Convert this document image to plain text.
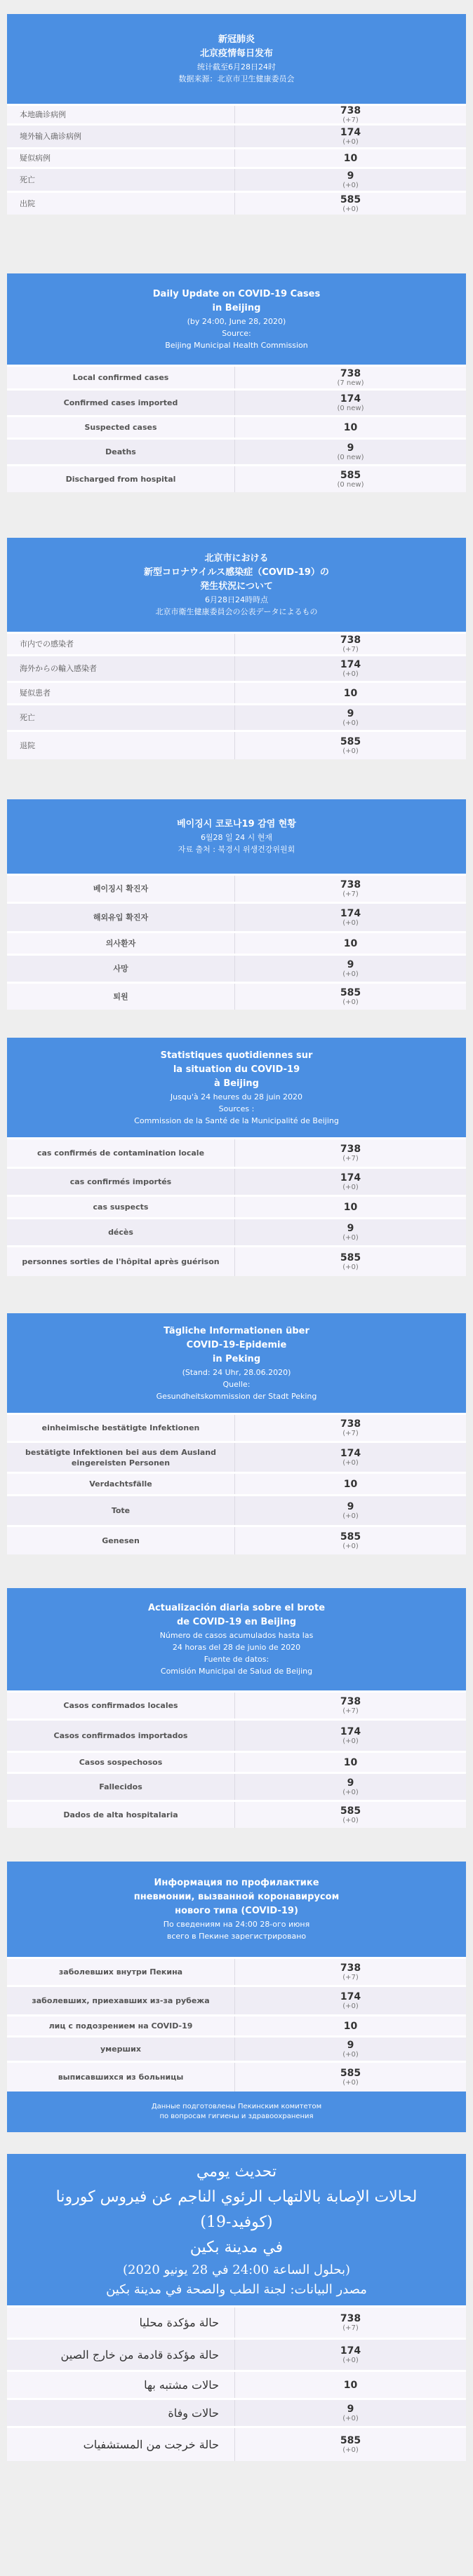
新冠肺炎
北京疫情每日发布
统计截至6月28日24时
数据来源：北京市卫生健康委员会
本地确诊病例	738
(+7)
境外输入确诊病例	174
(+0)
疑似病例	10
死亡	9
(+0)
出院	585
(+0)
Daily Update on COVID-19 Cases
in Beijing
(by 24:00, June 28, 2020)
Source:
Beijing Municipal Health Commission
Local confirmed cases	738
(7 new)
Confirmed cases imported	174
(0 new)
Suspected cases	10
Deaths	9
(0 new)
Discharged from hospital	585
(0 new)
北京市における
新型コロナウイルス感染症（COVID-19）の
発生状況について
6月28日24時時点
北京市衛生健康委員会の公表データによるもの
市内での感染者	738
(+7)
海外からの輸入感染者	174
(+0)
疑似患者	10
死亡	9
(+0)
退院	585
(+0)
베이징시 코로나19 감염 현황
6월28 일 24 시 현재
자료 출처 : 북경시 위생건강위원회
베이징시 확진자	738
(+7)
해외유입 확진자	174
(+0)
의사환자	10
사망	9
(+0)
퇴원	585
(+0)
Statistiques quotidiennes sur
la situation du COVID-19
à Beijing
Jusqu'à 24 heures du 28 juin 2020
Sources :
Commission de la Santé de la Municipalité de Beijing
cas confirmés de contamination locale	738
(+7)
cas confirmés importés	174
(+0)
cas suspects	10
décès	9
(+0)
personnes sorties de l'hôpital après guérison	585
(+0)
Tägliche Informationen über
COVID-19-Epidemie
in Peking
(Stand: 24 Uhr, 28.06.2020)
Quelle:
Gesundheitskommission der Stadt Peking
einheimische bestätigte Infektionen	738
(+7)
bestätigte Infektionen bei aus dem Ausland eingereisten Personen
174
(+0)
Verdachtsfälle	10
Tote	9
(+0)
Genesen	585
(+0)
Actualización diaria sobre el brote
de COVID-19 en Beijing
Número de casos acumulados hasta las
24 horas del 28 de junio de 2020
Fuente de datos:
Comisión Municipal de Salud de Beijing
Casos confirmados locales	738
(+7)
Casos confirmados importados	174
(+0)
Casos sospechosos	10
Fallecidos	9
(+0)
Dados de alta hospitalaria	585
(+0)
Информация по профилактике
пневмонии, вызванной коронавирусом
нового типа (COVID-19)
По сведениям на 24:00 28-ого июня
всего в Пекине зарегистрировано
заболевших внутри Пекина	738
(+7)
заболевших, приехавших из-за рубежа	174
(+0)
лиц с подозрением на COVID-19	10
умерших	9
(+0)
выписавшихся из больницы	585
(+0)
Данные подготовлены Пекинским комитетом
по вопросам гигиены и здравоохранения
تحديث يومي
لحالات الإصابة بالالتهاب الرئوي الناجم عن فيروس كورونا (كوفيد-19)
في مدينة بكين
(بحلول الساعة 24:00 في 28 يونيو 2020)
مصدر البيانات: لجنة الطب والصحة في مدينة بكين
حالة مؤكدة محليا	738
(+7)
حالة مؤكدة قادمة من خارج الصين	174
(+0)
حالات مشتبه بها	10
حالات وفاة	9
(+0)
حالة خرجت من المستشفيات	585
(+0)
